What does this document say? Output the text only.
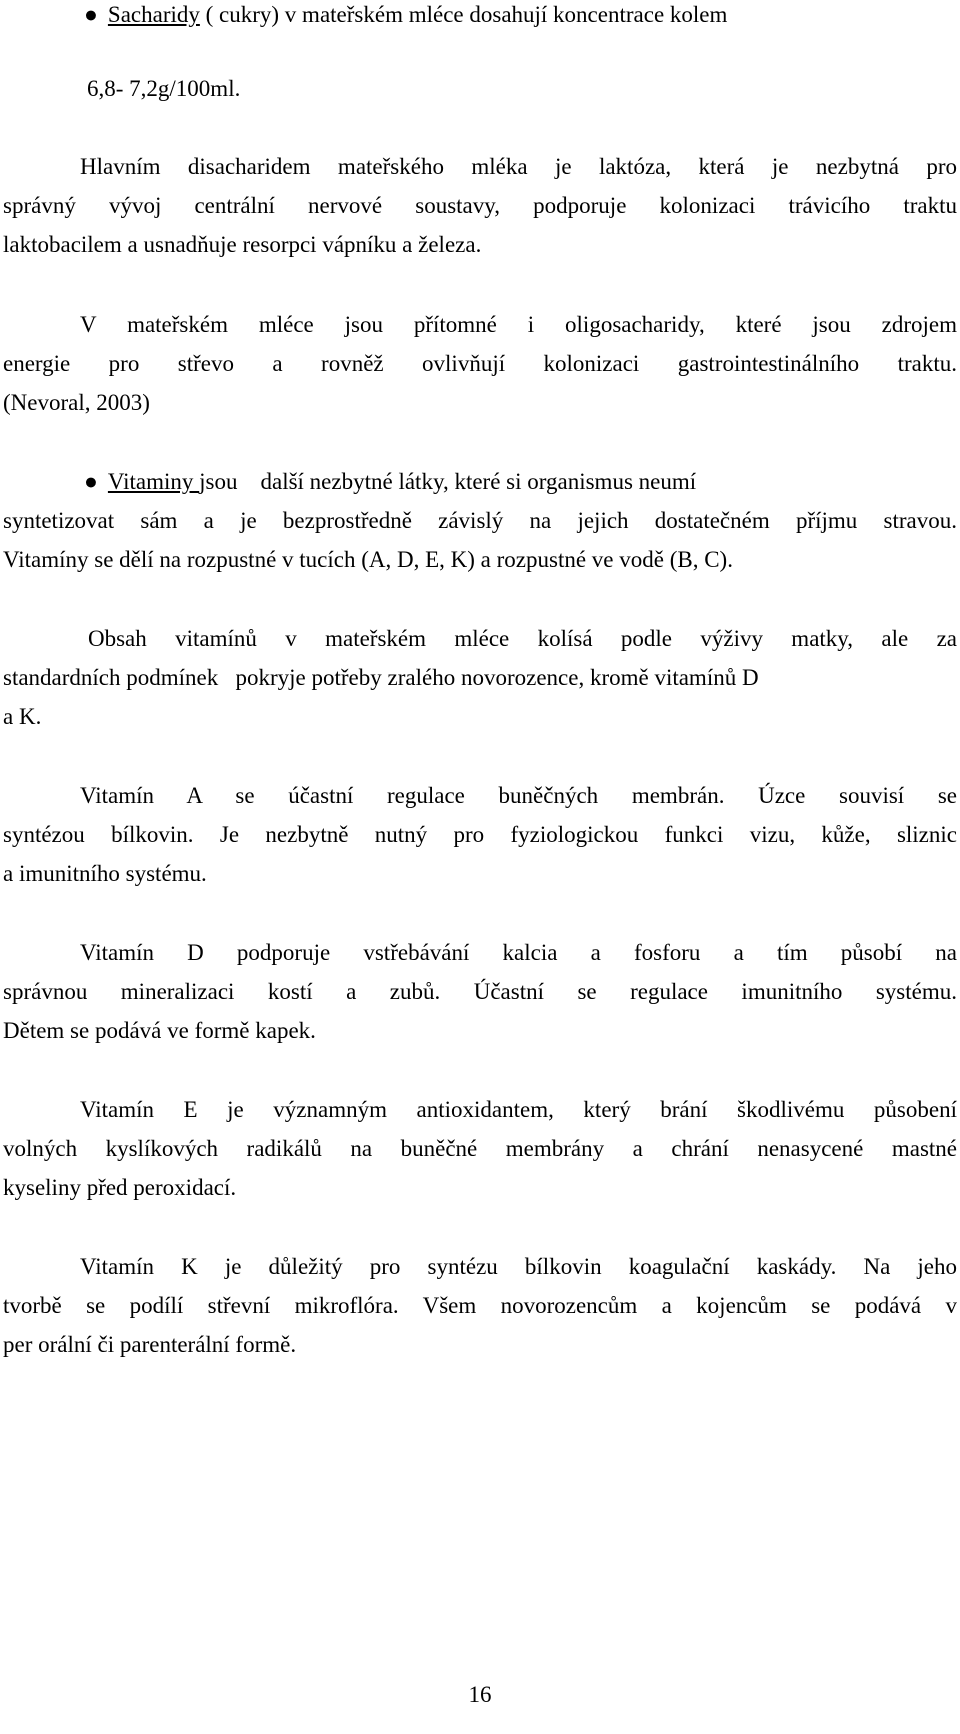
● Sacharidy ( cukry) v mateřském mléce dosahují koncentrace kolem
6,8- 7,2g/100ml.
Hlavním disacharidem mateřského mléka je laktóza, která je nezbytná pro
správný vývoj centrální nervové soustavy, podporuje kolonizaci trávicího traktu
laktobacilem a usnadňuje resorpci vápníku a železa.
V mateřském mléce jsou přítomné i oligosacharidy, které jsou zdrojem
energie pro střevo a rovněž ovlivňují kolonizaci gastrointestinálního traktu.
(Nevoral, 2003)
● Vitaminy jsou    další nezbytné látky, které si organismus neumí
syntetizovat sám a je bezprostředně závislý na jejich dostatečném příjmu stravou.
Vitamíny se dělí na rozpustné v tucích (A, D, E, K) a rozpustné ve vodě (B, C).
Obsah vitamínů v mateřském mléce kolísá podle výživy matky, ale za
standardních podmínek   pokryje potřeby zralého novorozence, kromě vitamínů D
a K.
Vitamín A se účastní regulace buněčných membrán. Úzce souvisí se
syntézou bílkovin. Je nezbytně nutný pro fyziologickou funkci vizu, kůže, sliznic
a imunitního systému.
Vitamín D podporuje vstřebávání kalcia a fosforu a tím působí na
správnou mineralizaci kostí a zubů. Účastní se regulace imunitního systému.
Dětem se podává ve formě kapek.
Vitamín E je významným antioxidantem, který brání škodlivému působení
volných kyslíkových radikálů na buněčné membrány a chrání nenasycené mastné
kyseliny před peroxidací.
Vitamín K je důležitý pro syntézu bílkovin koagulační kaskády. Na jeho
tvorbě se podílí střevní mikroflóra. Všem novorozencům a kojencům se podává v
per orální či parenterální formě.
16
